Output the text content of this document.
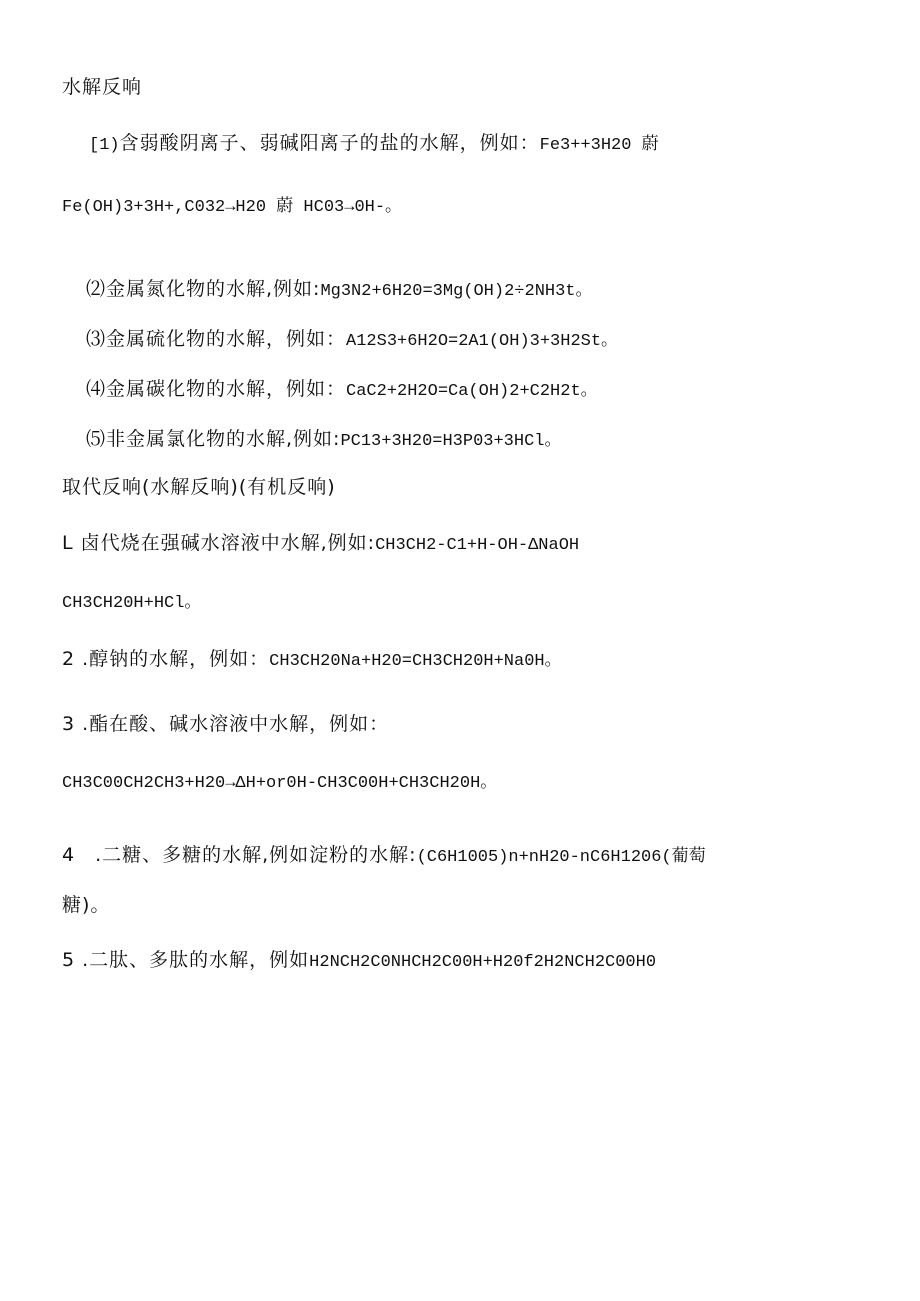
水解反响
[1)含弱酸阴离子、弱碱阳离子的盐的水解，例如：Fe3++3H20 蔚
Fe(OH)3+3H+,C032→H20 蔚 HC03→0H-。
⑵金属氮化物的水解,例如:Mg3N2+6H20=3Mg(OH)2÷2NH3t。
⑶金属硫化物的水解，例如：A12S3+6H2O=2A1(OH)3+3H2St。
⑷金属碳化物的水解，例如：CaC2+2H2O=Ca(OH)2+C2H2t。
⑸非金属氯化物的水解,例如:PC13+3H20=H3P03+3HCl。
取代反响(水解反响)(有机反响)
L 卤代烧在强碱水溶液中水解,例如:CH3CH2-C1+H-OH-ΔNaOH
CH3CH20H+HCl。
2 .醇钠的水解，例如：CH3CH20Na+H20=CH3CH20H+Na0H。
3 .酯在酸、碱水溶液中水解，例如：
CH3C00CH2CH3+H20→ΔH+or0H-CH3C00H+CH3CH20H。
4　.二糖、多糖的水解,例如淀粉的水解:(C6H1005)n+nH20-nC6H1206(葡萄
糖)。
5 .二肽、多肽的水解，例如H2NCH2C0NHCH2C00H+H20f2H2NCH2C00H0
